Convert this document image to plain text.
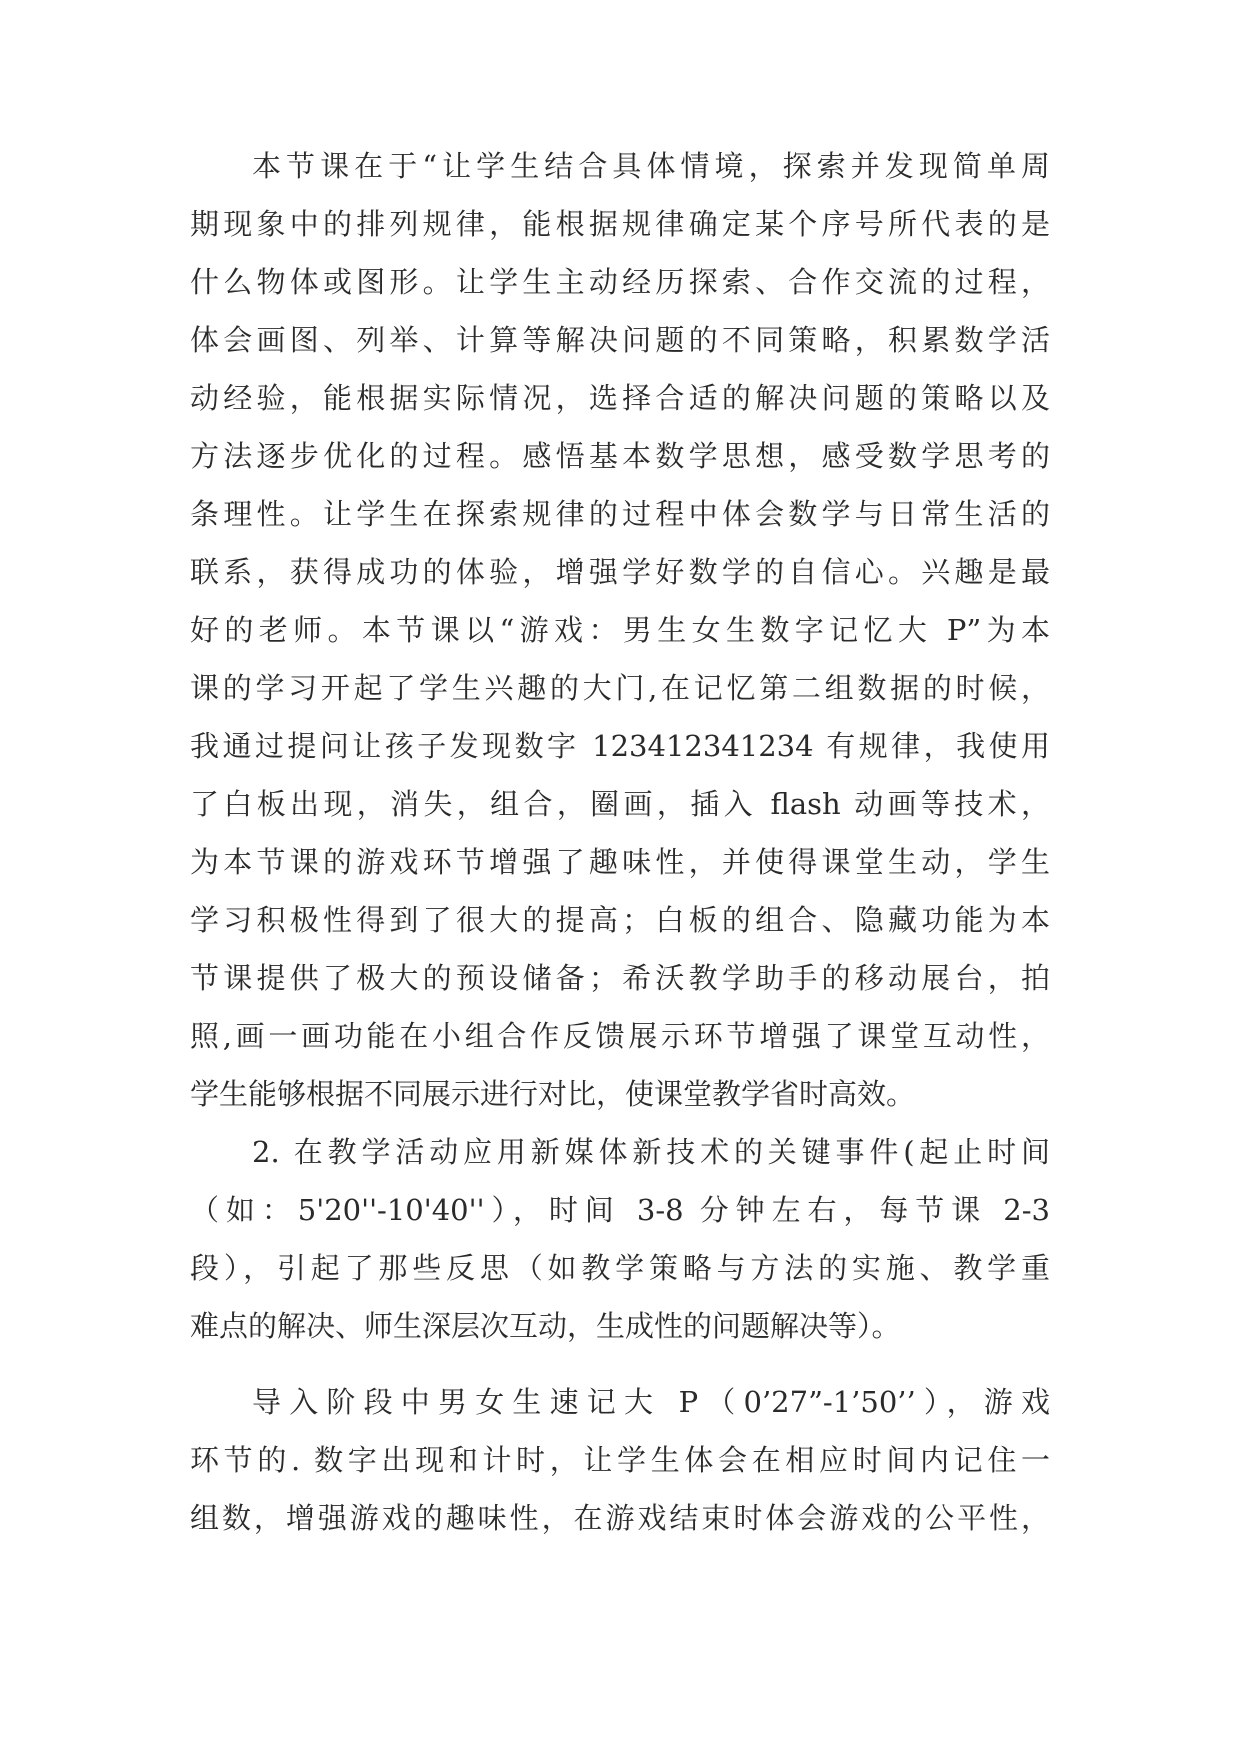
本节课在于“让学生结合具体情境，探索并发现简单周

期现象中的排列规律，能根据规律确定某个序号所代表的是

什么物体或图形。让学生主动经历探索、合作交流的过程，

体会画图、列举、计算等解决问题的不同策略，积累数学活

动经验，能根据实际情况，选择合适的解决问题的策略以及

方法逐步优化的过程。感悟基本数学思想，感受数学思考的

条理性。让学生在探索规律的过程中体会数学与日常生活的

联系，获得成功的体验，增强学好数学的自信心。兴趣是最

好的老师。本节课以“游戏：男生女生数字记忆大 P”为本

课的学习开起了学生兴趣的大门,在记忆第二组数据的时候，

我通过提问让孩子发现数字 123412341234 有规律，我使用

了白板出现，消失，组合，圈画，插入 flash 动画等技术，

为本节课的游戏环节增强了趣味性，并使得课堂生动，学生

学习积极性得到了很大的提高；白板的组合、隐藏功能为本

节课提供了极大的预设储备；希沃教学助手的移动展台，拍

照,画一画功能在小组合作反馈展示环节增强了课堂互动性，

学生能够根据不同展示进行对比，使课堂教学省时高效。

2. 在教学活动应用新媒体新技术的关键事件(起止时间

（如：5'20''-10'40''），时间 3-8 分钟左右，每节课 2-3

段），引起了那些反思（如教学策略与方法的实施、教学重

难点的解决、师生深层次互动，生成性的问题解决等）。

导入阶段中男女生速记大 P（0’27”-1’50’’），游戏

环节的. 数字出现和计时，让学生体会在相应时间内记住一

组数，增强游戏的趣味性，在游戏结束时体会游戏的公平性，
